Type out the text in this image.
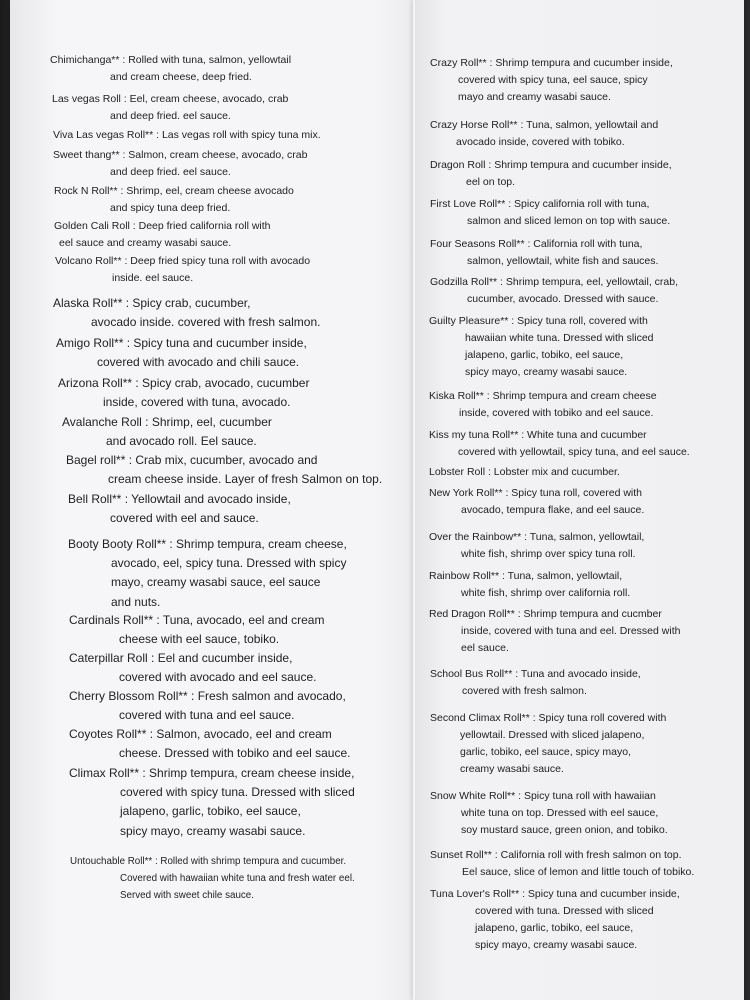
Chimichanga** : Rolled with tuna, salmon, yellowtail
and cream cheese, deep fried.
Las vegas Roll : Eel, cream cheese, avocado, crab
and deep fried. eel sauce.
Viva Las vegas Roll** : Las vegas roll with spicy tuna mix.
Sweet thang** : Salmon, cream cheese, avocado, crab
and deep fried. eel sauce.
Rock N Roll** : Shrimp, eel, cream cheese avocado
and spicy tuna deep fried.
Golden Cali Roll : Deep fried california roll with
eel sauce and creamy wasabi sauce.
Volcano Roll** : Deep fried spicy tuna roll with avocado
inside. eel sauce.
Alaska Roll** : Spicy crab, cucumber,
avocado inside. covered with fresh salmon.
Amigo Roll** : Spicy tuna and cucumber inside,
covered with avocado and chili sauce.
Arizona Roll** : Spicy crab, avocado, cucumber
inside, covered with tuna, avocado.
Avalanche Roll : Shrimp, eel, cucumber
and avocado roll. Eel sauce.
Bagel roll** : Crab mix, cucumber, avocado and
cream cheese inside. Layer of fresh Salmon on top.
Bell Roll** : Yellowtail and avocado inside,
covered with eel and sauce.
Booty Booty Roll** : Shrimp tempura, cream cheese,
avocado, eel, spicy tuna. Dressed with spicy
mayo, creamy wasabi sauce, eel sauce
and nuts.
Cardinals Roll** : Tuna, avocado, eel and cream
cheese with eel sauce, tobiko.
Caterpillar Roll : Eel and cucumber inside,
covered with avocado and eel sauce.
Cherry Blossom Roll** : Fresh salmon and avocado,
covered with tuna and eel sauce.
Coyotes Roll** : Salmon, avocado, eel and cream
cheese. Dressed with tobiko and eel sauce.
Climax Roll** : Shrimp tempura, cream cheese inside,
covered with spicy tuna. Dressed with sliced
jalapeno, garlic, tobiko, eel sauce,
spicy mayo, creamy wasabi sauce.
Untouchable Roll** : Rolled with shrimp tempura and cucumber.
Covered with hawaiian white tuna and fresh water eel.
Served with sweet chile sauce.
Crazy Roll** : Shrimp tempura and cucumber inside,
covered with spicy tuna, eel sauce, spicy
mayo and creamy wasabi sauce.
Crazy Horse Roll** : Tuna, salmon, yellowtail and
avocado inside, covered with tobiko.
Dragon Roll : Shrimp tempura and cucumber inside,
eel on top.
First Love Roll** : Spicy california roll with tuna,
salmon and sliced lemon on top with sauce.
Four Seasons Roll** : California roll with tuna,
salmon, yellowtail, white fish and sauces.
Godzilla Roll** : Shrimp tempura, eel, yellowtail, crab,
cucumber, avocado. Dressed with sauce.
Guilty Pleasure** : Spicy tuna roll, covered with
hawaiian white tuna. Dressed with sliced
jalapeno, garlic, tobiko, eel sauce,
spicy mayo, creamy wasabi sauce.
Kiska Roll** : Shrimp tempura and cream cheese
inside, covered with tobiko and eel sauce.
Kiss my tuna Roll** : White tuna and cucumber
covered with yellowtail, spicy tuna, and eel sauce.
Lobster Roll : Lobster mix and cucumber.
New York Roll** : Spicy tuna roll, covered with
avocado, tempura flake, and eel sauce.
Over the Rainbow** : Tuna, salmon, yellowtail,
white fish, shrimp over spicy tuna roll.
Rainbow Roll** : Tuna, salmon, yellowtail,
white fish, shrimp over california roll.
Red Dragon Roll** : Shrimp tempura and cucmber
inside, covered with tuna and eel. Dressed with
eel sauce.
School Bus Roll** : Tuna and avocado inside,
covered with fresh salmon.
Second Climax Roll** : Spicy tuna roll covered with
yellowtail. Dressed with sliced jalapeno,
garlic, tobiko, eel sauce, spicy mayo,
creamy wasabi sauce.
Snow White Roll** : Spicy tuna roll with hawaiian
white tuna on top. Dressed with eel sauce,
soy mustard sauce, green onion, and tobiko.
Sunset Roll** : California roll with fresh salmon on top.
Eel sauce, slice of lemon and little touch of tobiko.
Tuna Lover's Roll** : Spicy tuna and cucumber inside,
covered with tuna. Dressed with sliced
jalapeno, garlic, tobiko, eel sauce,
spicy mayo, creamy wasabi sauce.
